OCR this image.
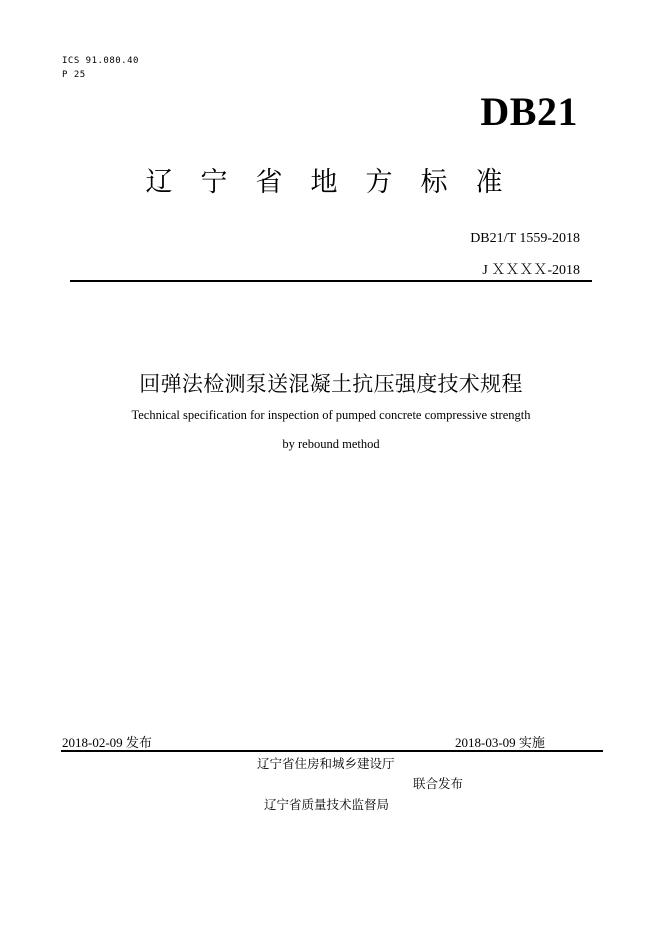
ICS 91.080.40
P 25
DB21
辽宁省地方标准
DB21/T 1559-2018
J ＸＸＸＸ-2018
回弹法检测泵送混凝土抗压强度技术规程
Technical specification for inspection of pumped concrete compressive strength
by rebound method
2018-02-09 发布	2018-03-09 实施
辽宁省住房和城乡建设厅
联合发布
辽宁省质量技术监督局
